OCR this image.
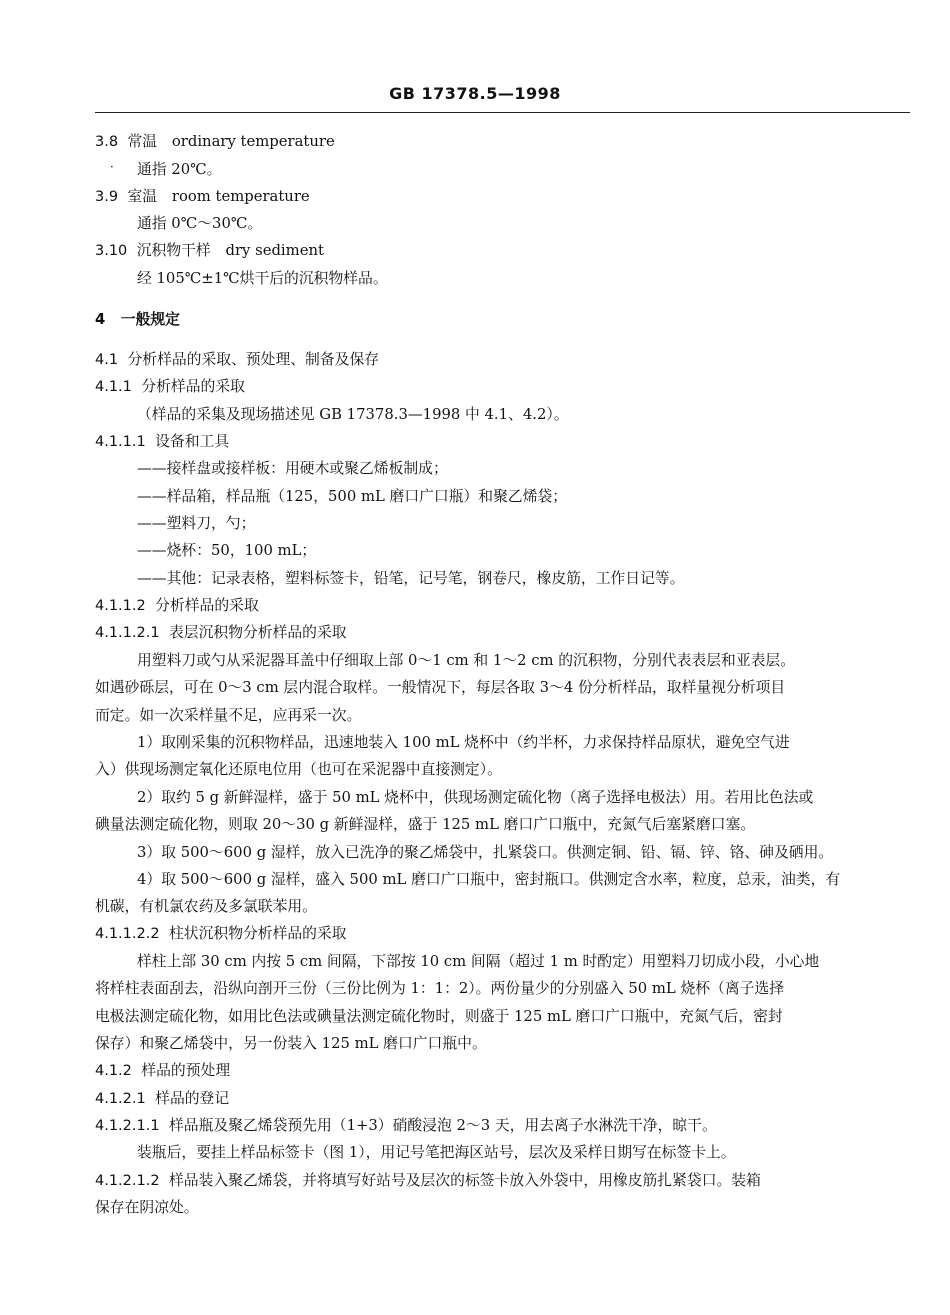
GB 17378.5—1998
·
3.8 常温　ordinary temperature
通指 20℃。
3.9 室温　room temperature
通指 0℃～30℃。
3.10 沉积物干样　dry sediment
经 105℃±1℃烘干后的沉积物样品。
4 一般规定
4.1 分析样品的采取、预处理、制备及保存
4.1.1 分析样品的采取
（样品的采集及现场描述见 GB 17378.3—1998 中 4.1、4.2）。
4.1.1.1 设备和工具
——接样盘或接样板：用硬木或聚乙烯板制成；
——样品箱，样品瓶（125，500 mL 磨口广口瓶）和聚乙烯袋；
——塑料刀，勺；
——烧杯：50，100 mL；
——其他：记录表格，塑料标签卡，铅笔，记号笔，钢卷尺，橡皮筋，工作日记等。
4.1.1.2 分析样品的采取
4.1.1.2.1 表层沉积物分析样品的采取
用塑料刀或勺从采泥器耳盖中仔细取上部 0～1 cm 和 1～2 cm 的沉积物，分别代表表层和亚表层。
如遇砂砾层，可在 0～3 cm 层内混合取样。一般情况下，每层各取 3～4 份分析样品，取样量视分析项目
而定。如一次采样量不足，应再采一次。
1）取刚采集的沉积物样品，迅速地装入 100 mL 烧杯中（约半杯，力求保持样品原状，避免空气进
入）供现场测定氧化还原电位用（也可在采泥器中直接测定）。
2）取约 5 g 新鲜湿样，盛于 50 mL 烧杯中，供现场测定硫化物（离子选择电极法）用。若用比色法或
碘量法测定硫化物，则取 20～30 g 新鲜湿样，盛于 125 mL 磨口广口瓶中，充氮气后塞紧磨口塞。
3）取 500～600 g 湿样，放入已洗净的聚乙烯袋中，扎紧袋口。供测定铜、铅、镉、锌、铬、砷及硒用。
4）取 500～600 g 湿样，盛入 500 mL 磨口广口瓶中，密封瓶口。供测定含水率，粒度，总汞，油类，有
机碳，有机氯农药及多氯联苯用。
4.1.1.2.2 柱状沉积物分析样品的采取
样柱上部 30 cm 内按 5 cm 间隔，下部按 10 cm 间隔（超过 1 m 时酌定）用塑料刀切成小段，小心地
将样柱表面刮去，沿纵向剖开三份（三份比例为 1：1：2）。两份量少的分别盛入 50 mL 烧杯（离子选择
电极法测定硫化物，如用比色法或碘量法测定硫化物时，则盛于 125 mL 磨口广口瓶中，充氮气后，密封
保存）和聚乙烯袋中，另一份装入 125 mL 磨口广口瓶中。
4.1.2 样品的预处理
4.1.2.1 样品的登记
4.1.2.1.1 样品瓶及聚乙烯袋预先用（1+3）硝酸浸泡 2～3 天，用去离子水淋洗干净，晾干。
装瓶后，要挂上样品标签卡（图 1），用记号笔把海区站号，层次及采样日期写在标签卡上。
4.1.2.1.2 样品装入聚乙烯袋，并将填写好站号及层次的标签卡放入外袋中，用橡皮筋扎紧袋口。装箱
保存在阴凉处。
